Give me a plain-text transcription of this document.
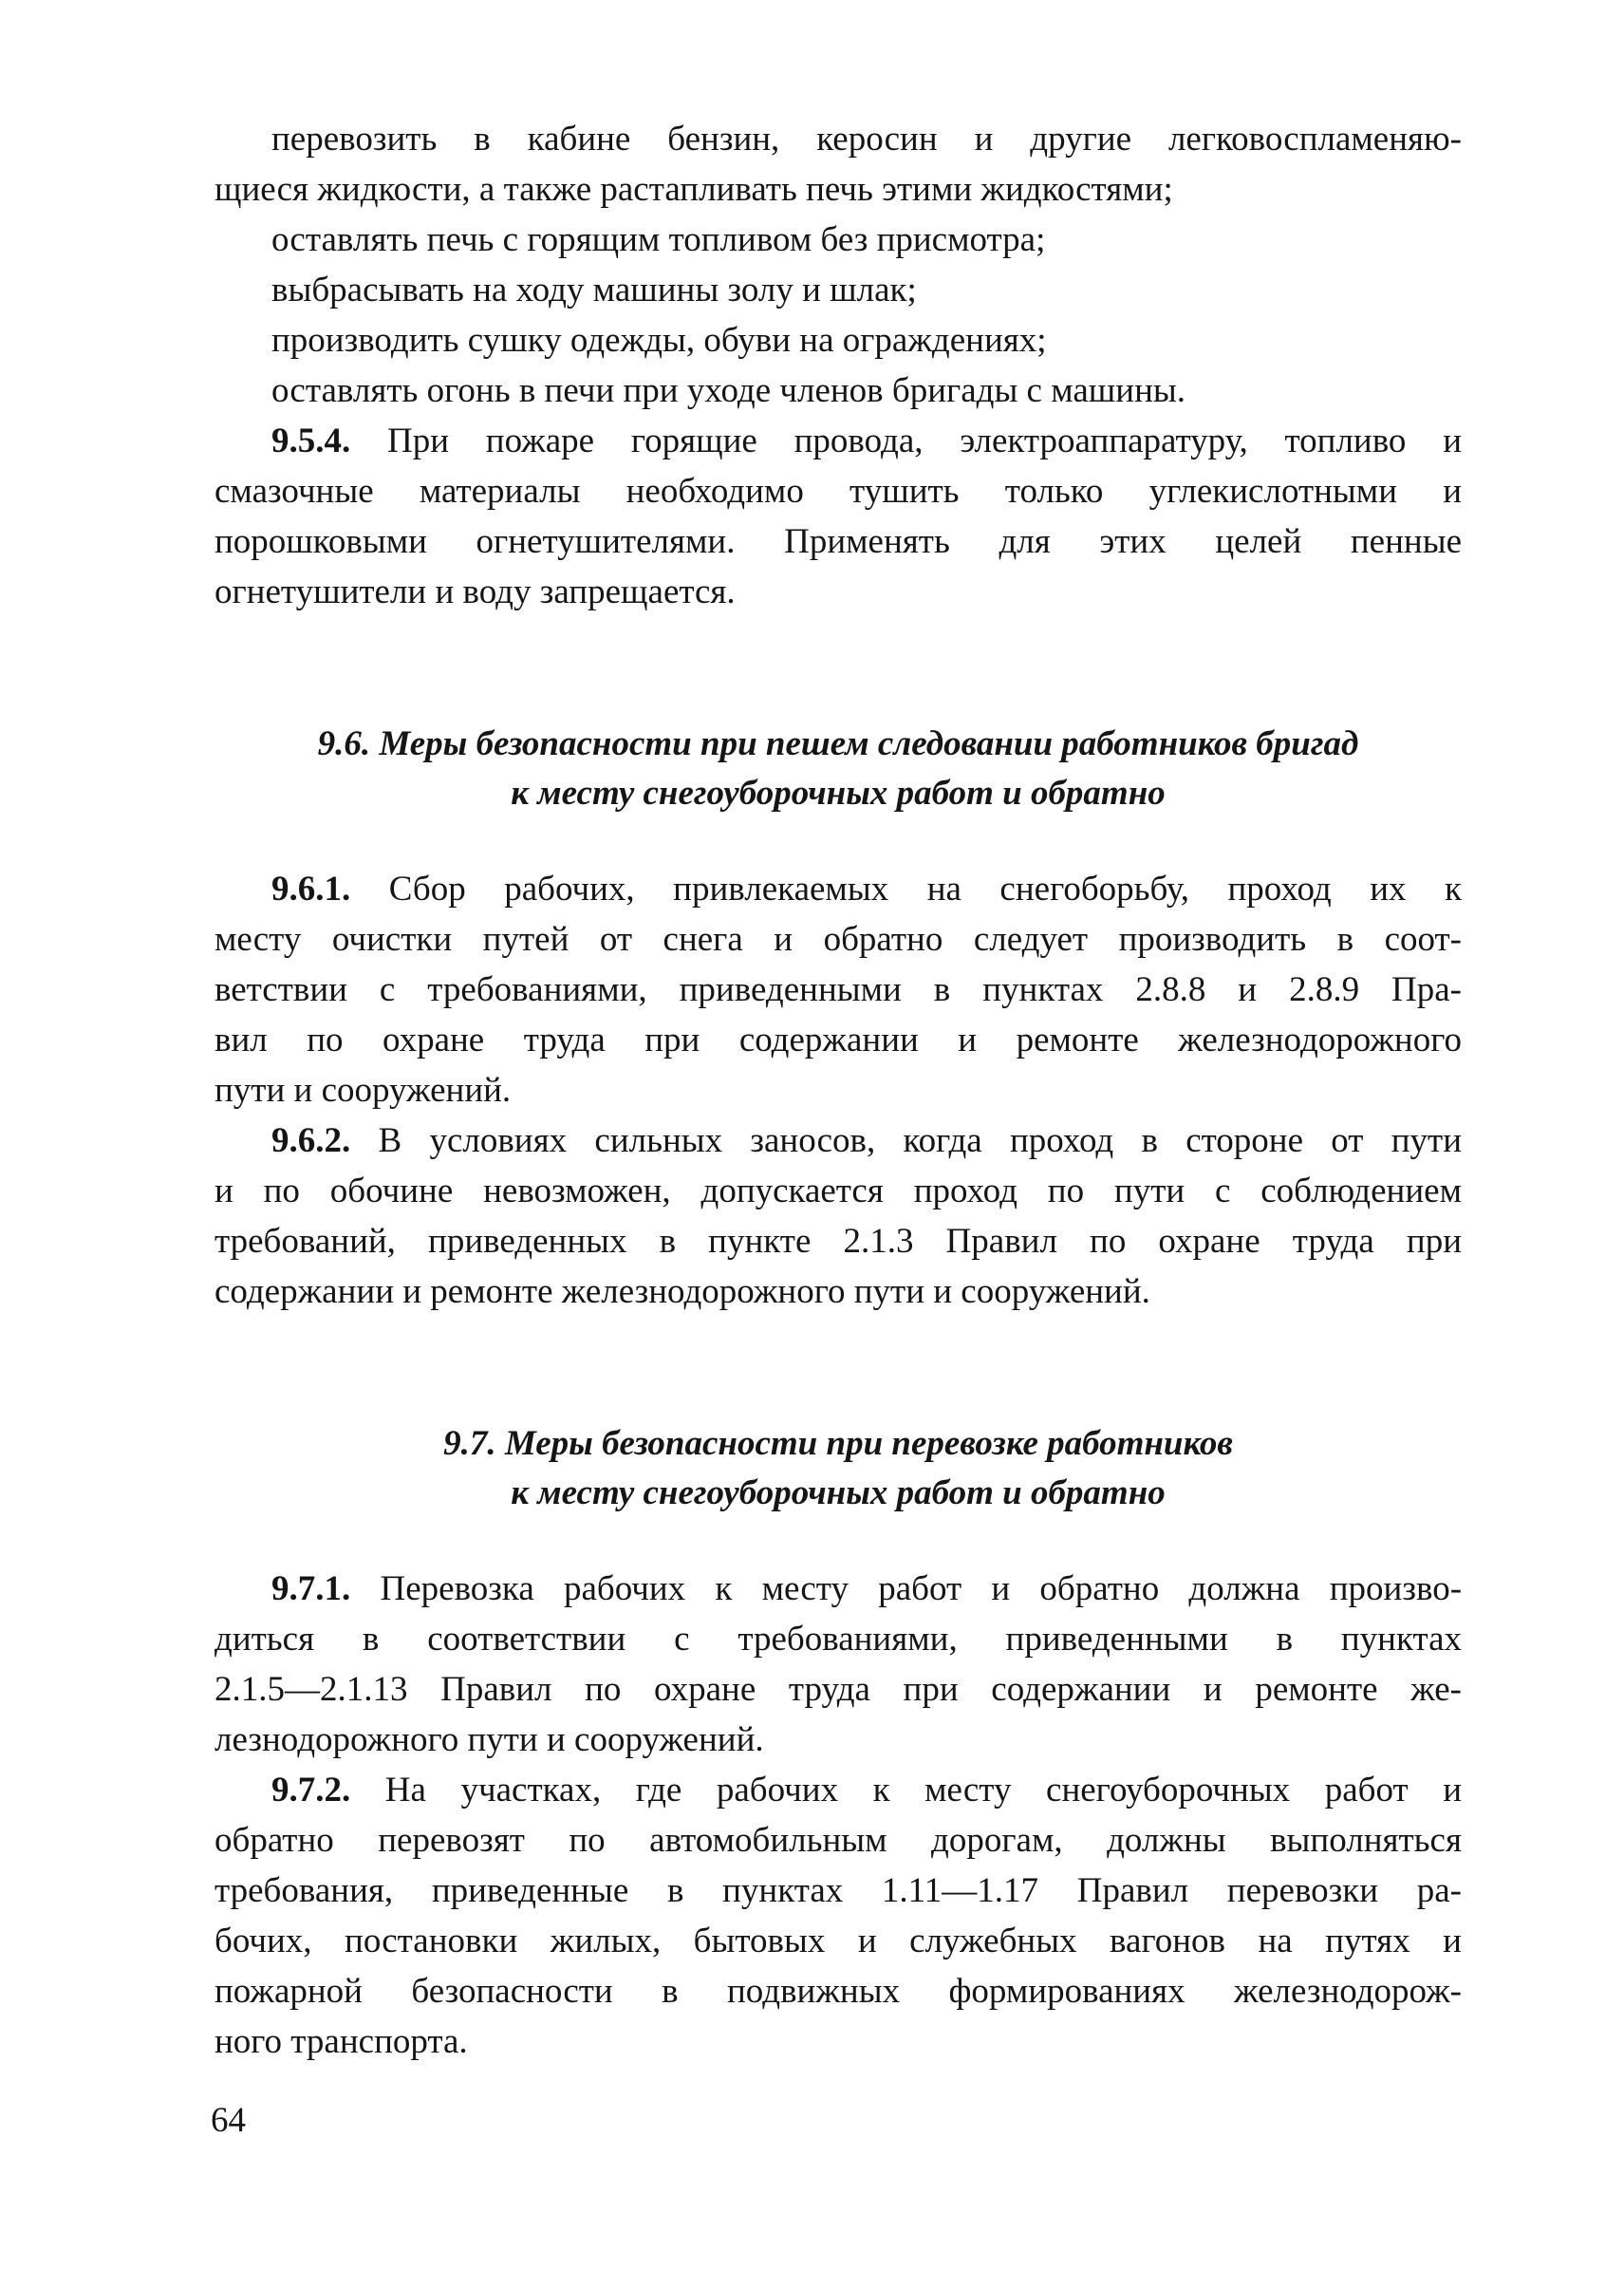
перевозить в кабине бензин, керосин и другие легковоспламеняю-

щиеся жидкости, а также растапливать печь этими жидкостями;

оставлять печь с горящим топливом без присмотра;

выбрасывать на ходу машины золу и шлак;

производить сушку одежды, обуви на ограждениях;

оставлять огонь в печи при уходе членов бригады с машины.

9.5.4. При пожаре горящие провода, электроаппаратуру, топливо и

смазочные материалы необходимо тушить только углекислотными и

порошковыми огнетушителями. Применять для этих целей пенные

огнетушители и воду запрещается.

9.6. Меры безопасности при пешем следовании работников бригад

к месту снегоуборочных работ и обратно

9.6.1. Сбор рабочих, привлекаемых на снегоборьбу, проход их к

месту очистки путей от снега и обратно следует производить в соот-

ветствии с требованиями, приведенными в пунктах 2.8.8 и 2.8.9 Пра-

вил по охране труда при содержании и ремонте железнодорожного

пути и сооружений.

9.6.2. В условиях сильных заносов, когда проход в стороне от пути

и по обочине невозможен, допускается проход по пути с соблюдением

требований, приведенных в пункте 2.1.3 Правил по охране труда при

содержании и ремонте железнодорожного пути и сооружений.

9.7. Меры безопасности при перевозке работников

к месту снегоуборочных работ и обратно

9.7.1. Перевозка рабочих к месту работ и обратно должна произво-

диться в соответствии с требованиями, приведенными в пунктах

2.1.5—2.1.13 Правил по охране труда при содержании и ремонте же-

лезнодорожного пути и сооружений.

9.7.2. На участках, где рабочих к месту снегоуборочных работ и

обратно перевозят по автомобильным дорогам, должны выполняться

требования, приведенные в пунктах 1.11—1.17 Правил перевозки ра-

бочих, постановки жилых, бытовых и служебных вагонов на путях и

пожарной безопасности в подвижных формированиях железнодорож-

ного транспорта.

64
